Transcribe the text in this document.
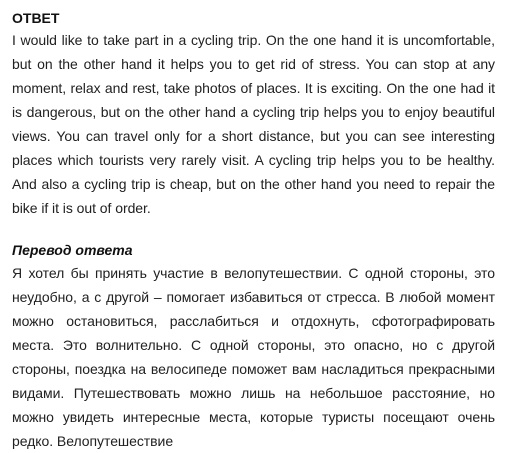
ОТВЕТ

I would like to take part in a cycling trip. On the one hand it is uncomfortable, but on the other hand it helps you to get rid of stress. You can stop at any moment, relax and rest, take photos of places. It is exciting. On the one had it is dangerous, but on the other hand a cycling trip helps you to enjoy beautiful views. You can travel only for a short distance, but you can see interesting places which tourists very rarely visit. A cycling trip helps you to be healthy. And also a cycling trip is cheap, but on the other hand you need to repair the bike if it is out of order.

Перевод ответа

Я хотел бы принять участие в велопутешествии. С одной стороны, это неудобно, а с другой – помогает избавиться от стресса. В любой момент можно остановиться, расслабиться и отдохнуть, сфотографировать места. Это волнительно. С одной стороны, это опасно, но с другой стороны, поездка на велосипеде поможет вам насладиться прекрасными видами. Путешествовать можно лишь на небольшое расстояние, но можно увидеть интересные места, которые туристы посещают очень редко. Велопутешествие
